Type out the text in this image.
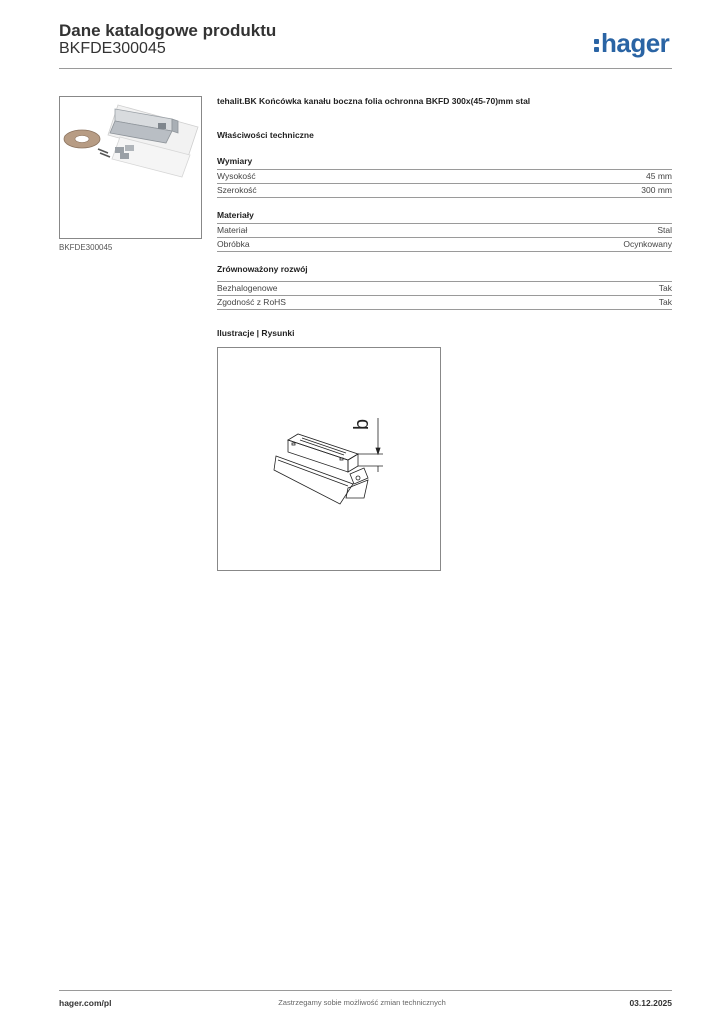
Dane katalogowe produktu
BKFDE300045	hager
BKFDE300045
tehalit.BK Końcówka kanału boczna folia ochronna BKFD 300x(45-70)mm stal
Właściwości techniczne
Wymiary
Wysokość	45 mm
Szerokość	300 mm
Materiały
Materiał	Stal
Obróbka	Ocynkowany
Zrównoważony rozwój
Bezhalogenowe	Tak
Zgodność z RoHS	Tak
Ilustracje | Rysunki
b
hager.com/pl	Zastrzegamy sobie możliwość zmian technicznych	03.12.2025
